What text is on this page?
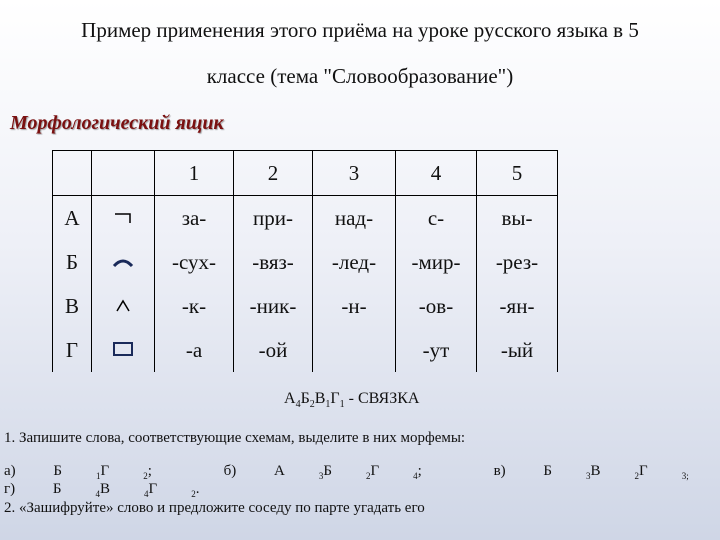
Пример применения этого приёма на уроке русского языка в 5
классе (тема "Словообразование")
Морфологический ящик
		1	2	3	4	5
А		за-	при-	над-	с-	вы-
Б		-сух-	-вяз-	-лед-	-мир-	-рез-
В		-к-	-ник-	-н-	-ов-	-ян-
Г		-а	-ой		-ут	-ый
$А_4Б_2В_1Г_1$ - СВЯЗКА
1. Запишите слова, соответствующие схемам, выделите в них морфемы:
а) Б	$_1$Г	$_2$;	б) А	$_3$Б	$_2$Г	$_4$;	в) Б	$_3$В	$_2$Г	$_{3;}$ г) Б	$_4$В	$_4$Г	$_2$.
2. «Зашифруйте» слово и предложите соседу по парте угадать его
